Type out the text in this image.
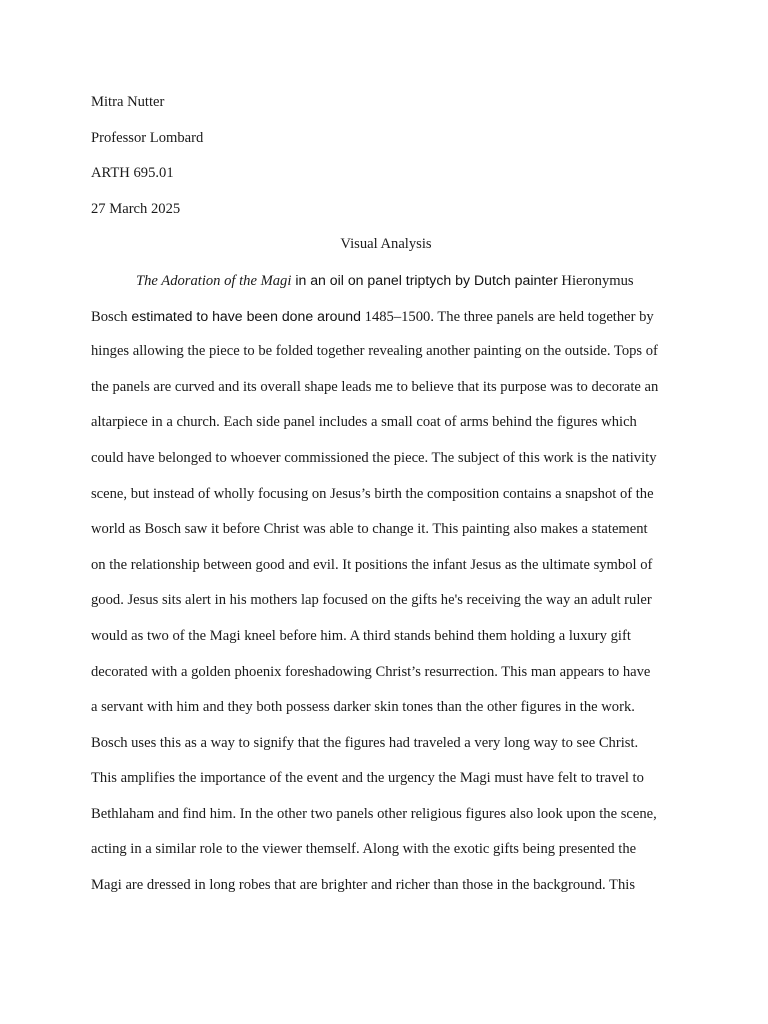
Mitra Nutter
Professor Lombard
ARTH 695.01
27 March 2025
Visual Analysis
The Adoration of the Magi in an oil on panel triptych by Dutch painter Hieronymus
Bosch estimated to have been done around 1485–1500. The three panels are held together by
hinges allowing the piece to be folded together revealing another painting on the outside. Tops of
the panels are curved and its overall shape leads me to believe that its purpose was to decorate an
altarpiece in a church. Each side panel includes a small coat of arms behind the figures which
could have belonged to whoever commissioned the piece. The subject of this work is the nativity
scene, but instead of wholly focusing on Jesus’s birth the composition contains a snapshot of the
world as Bosch saw it before Christ was able to change it. This painting also makes a statement
on the relationship between good and evil. It positions the infant Jesus as the ultimate symbol of
good. Jesus sits alert in his mothers lap focused on the gifts he's receiving the way an adult ruler
would as two of the Magi kneel before him. A third stands behind them holding a luxury gift
decorated with a golden phoenix foreshadowing Christ’s resurrection. This man appears to have
a servant with him and they both possess darker skin tones than the other figures in the work.
Bosch uses this as a way to signify that the figures had traveled a very long way to see Christ.
This amplifies the importance of the event and the urgency the Magi must have felt to travel to
Bethlaham and find him. In the other two panels other religious figures also look upon the scene,
acting in a similar role to the viewer themself. Along with the exotic gifts being presented the
Magi are dressed in long robes that are brighter and richer than those in the background. This
